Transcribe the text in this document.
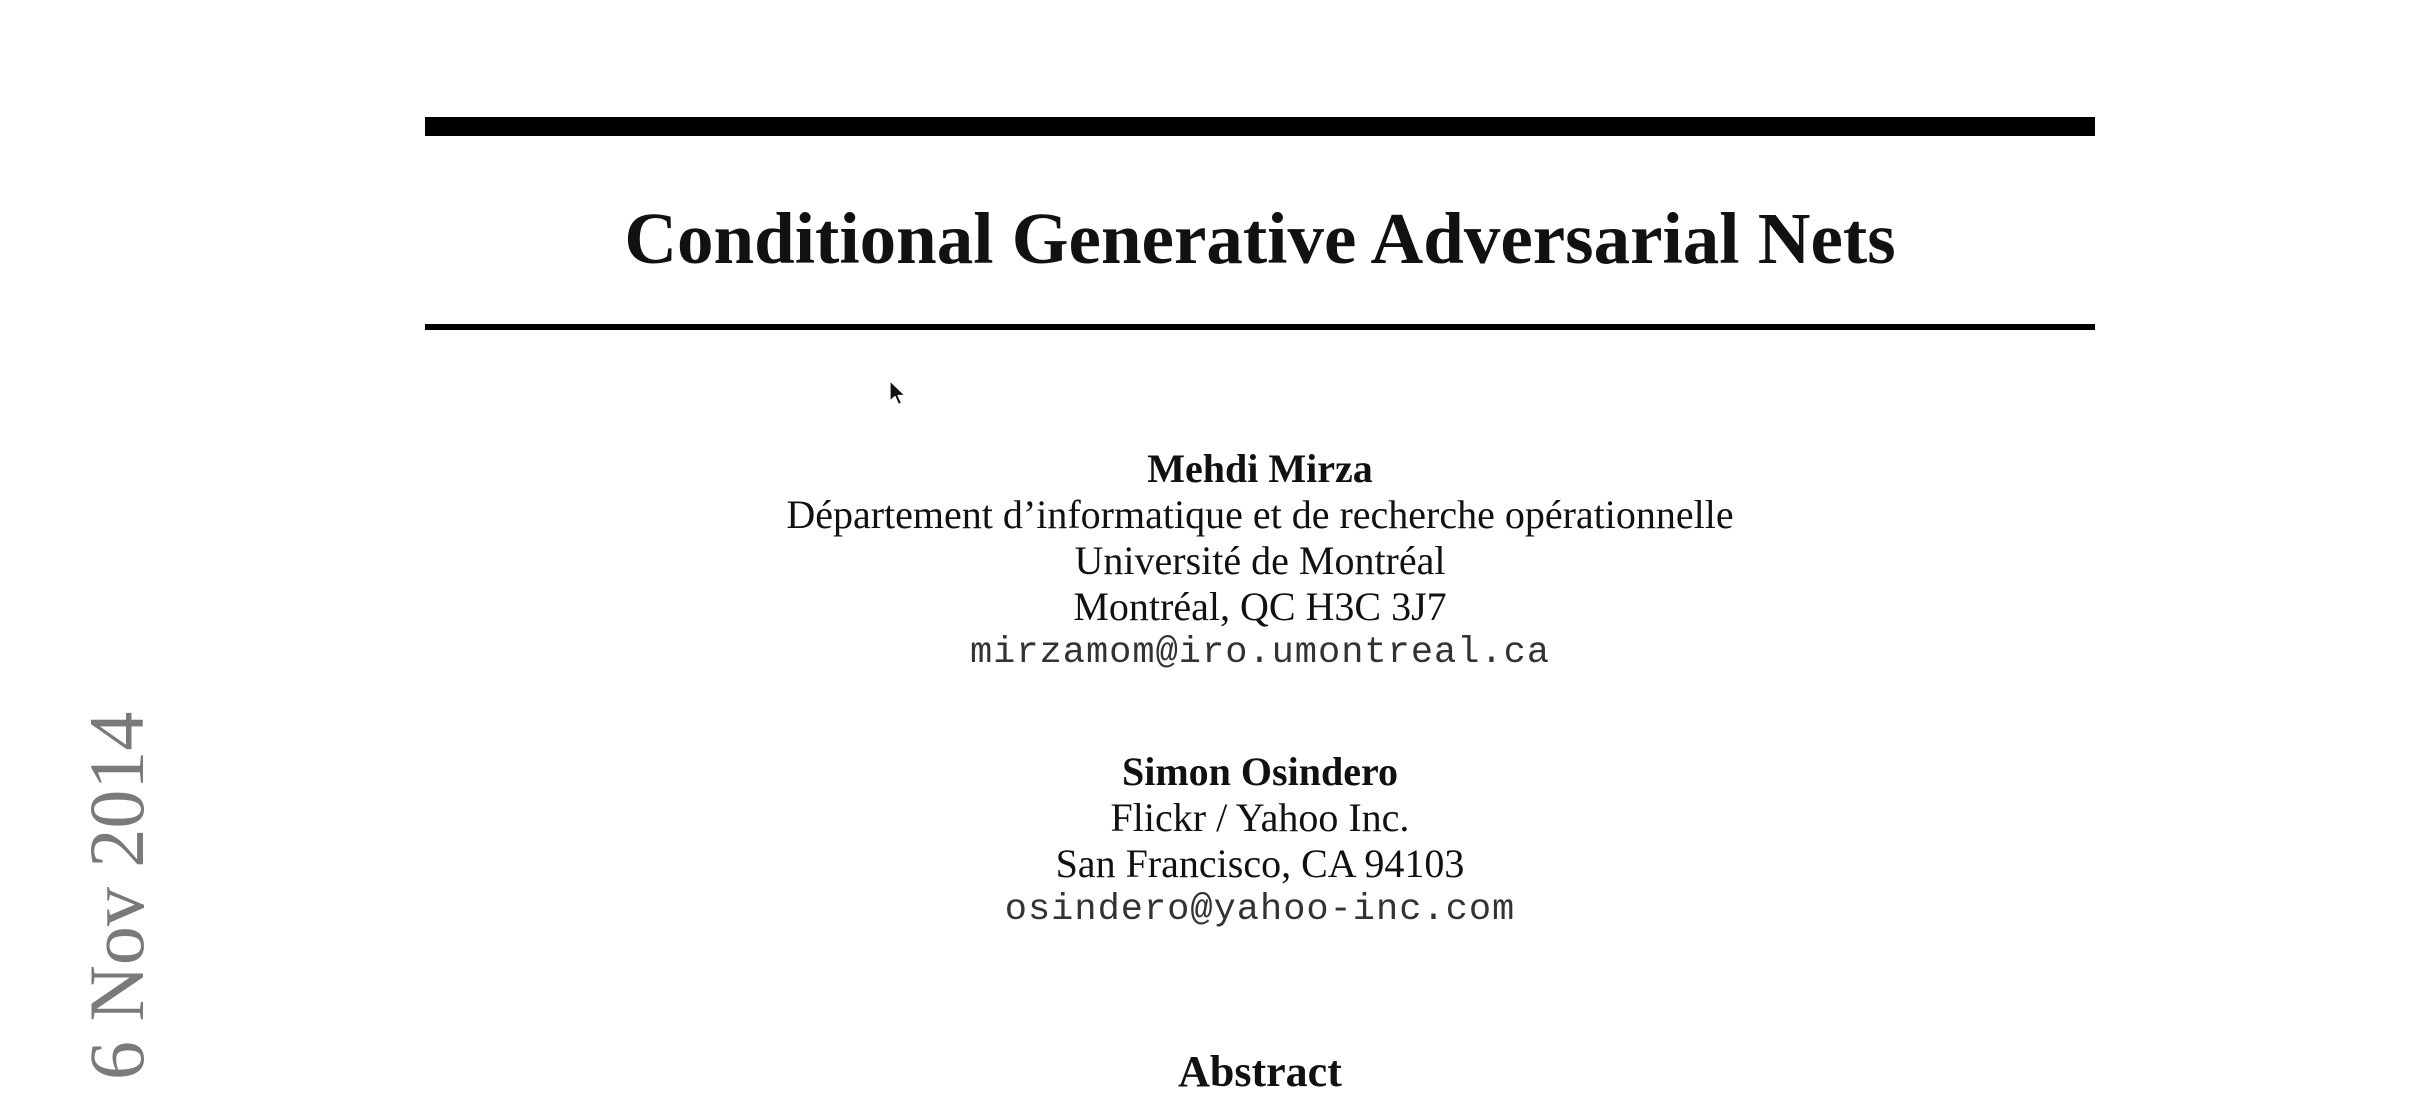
Conditional Generative Adversarial Nets
Mehdi Mirza
Département d’informatique et de recherche opérationnelle
Université de Montréal
Montréal, QC H3C 3J7
mirzamom@iro.umontreal.ca
Simon Osindero
Flickr / Yahoo Inc.
San Francisco, CA 94103
osindero@yahoo-inc.com
Abstract
6 Nov 2014
